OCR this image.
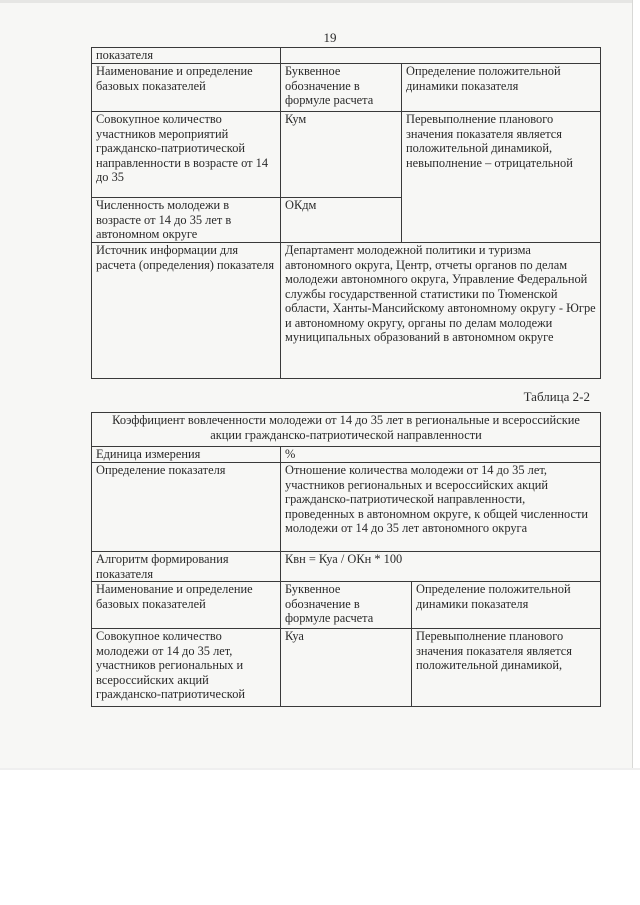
19
показателя		
Наименование и определение базовых показателей	Буквенное обозначение в формуле расчета	Определение положительной динамики показателя
Совокупное количество участников мероприятий гражданско-патриотической направленности в возрасте от 14 до 35	Кум	Перевыполнение планового значения показателя является положительной динамикой, невыполнение – отрицательной
Численность молодежи в возрасте от 14 до 35 лет в автономном округе	ОКдм	
Источник информации для расчета (определения) показателя	Департамент молодежной политики и туризма автономного округа, Центр, отчеты органов по делам молодежи автономного округа, Управление Федеральной службы государственной статистики по Тюменской области, Ханты-Мансийскому автономному округу - Югре и автономному округу, органы по делам молодежи муниципальных образований в автономном округе	
Таблица 2-2
Коэффициент вовлеченности молодежи от 14 до 35 лет в региональные и всероссийские акции гражданско-патриотической направленности		
Единица измерения	%	
Определение показателя	Отношение количества молодежи от 14 до 35 лет, участников региональных и всероссийских акций гражданско-патриотической направленности, проведенных в автономном округе, к общей численности молодежи от 14 до 35 лет автономного округа	
Алгоритм формирования показателя	Квн = Куа / ОКн * 100	
Наименование и определение базовых показателей	Буквенное обозначение в формуле расчета	Определение положительной динамики показателя
Совокупное количество молодежи от 14 до 35 лет, участников региональных и всероссийских акций гражданско-патриотической	Куа	Перевыполнение планового значения показателя является положительной динамикой,
